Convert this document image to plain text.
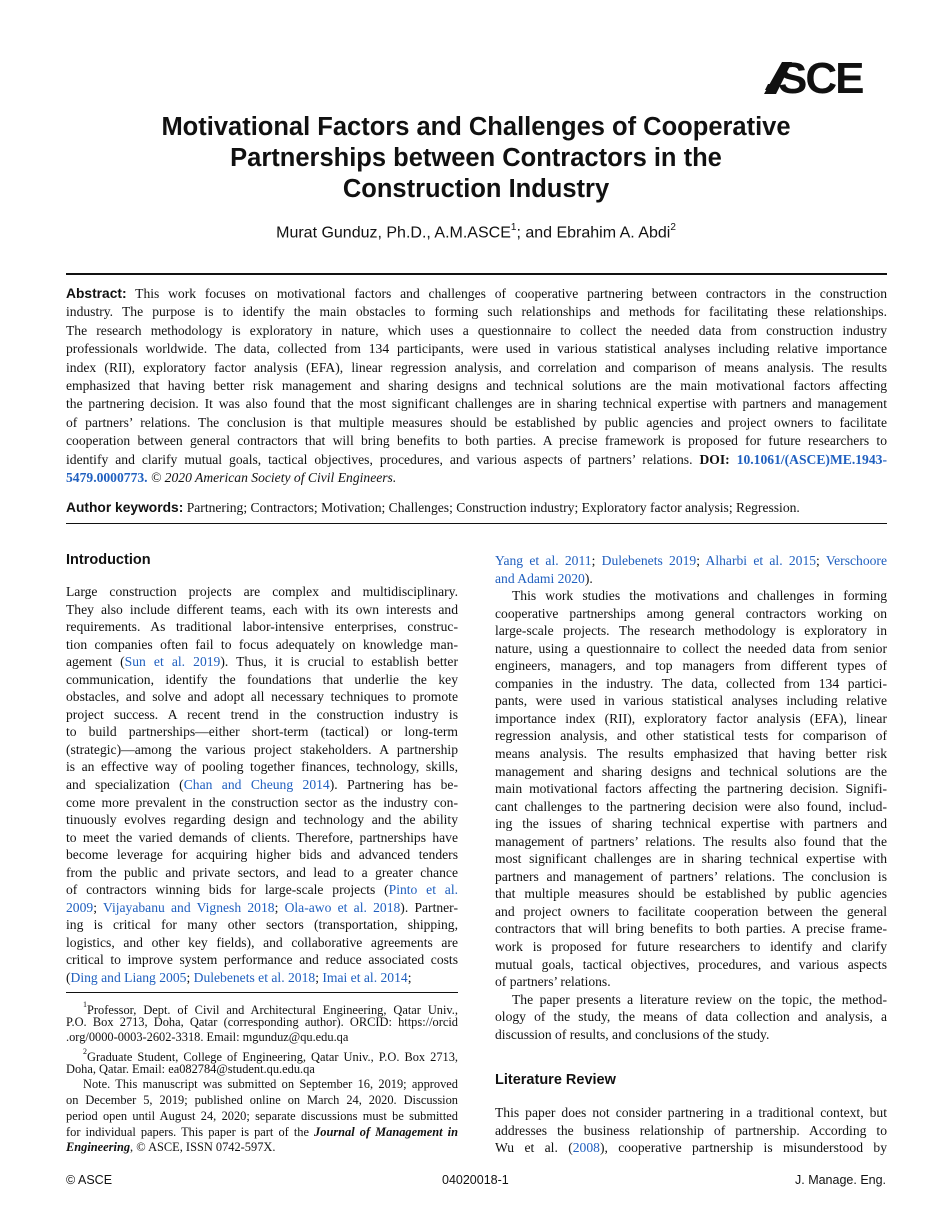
SCE
Motivational Factors and Challenges of Cooperative
Partnerships between Contractors in the
Construction Industry
Murat Gunduz, Ph.D., A.M.ASCE$^1$; and Ebrahim A. Abdi$^2$
Abstract: This work focuses on motivational factors and challenges of cooperative partnering between contractors in the construction
industry. The purpose is to identify the main obstacles to forming such relationships and methods for facilitating these relationships.
The research methodology is exploratory in nature, which uses a questionnaire to collect the needed data from construction industry
professionals worldwide. The data, collected from 134 participants, were used in various statistical analyses including relative importance
index (RII), exploratory factor analysis (EFA), linear regression analysis, and correlation and comparison of means analysis. The results
emphasized that having better risk management and sharing designs and technical solutions are the main motivational factors affecting
the partnering decision. It was also found that the most significant challenges are in sharing technical expertise with partners and management
of partners’ relations. The conclusion is that multiple measures should be established by public agencies and project owners to facilitate
cooperation between general contractors that will bring benefits to both parties. A precise framework is proposed for future researchers to
identify and clarify mutual goals, tactical objectives, procedures, and various aspects of partners’ relations. DOI: 10.1061/(ASCE)ME.1943-
5479.0000773. © 2020 American Society of Civil Engineers.
Author keywords: Partnering; Contractors; Motivation; Challenges; Construction industry; Exploratory factor analysis; Regression.
Introduction
Large construction projects are complex and multidisciplinary.
They also include different teams, each with its own interests and
requirements. As traditional labor-intensive enterprises, construc-
tion companies often fail to focus adequately on knowledge man-
agement (Sun et al. 2019). Thus, it is crucial to establish better
communication, identify the foundations that underlie the key
obstacles, and solve and adopt all necessary techniques to promote
project success. A recent trend in the construction industry is
to build partnerships—either short-term (tactical) or long-term
(strategic)—among the various project stakeholders. A partnership
is an effective way of pooling together finances, technology, skills,
and specialization (Chan and Cheung 2014). Partnering has be-
come more prevalent in the construction sector as the industry con-
tinuously evolves regarding design and technology and the ability
to meet the varied demands of clients. Therefore, partnerships have
become leverage for acquiring higher bids and advanced tenders
from the public and private sectors, and lead to a greater chance
of contractors winning bids for large-scale projects (Pinto et al.
2009; Vijayabanu and Vignesh 2018; Ola-awo et al. 2018). Partner-
ing is critical for many other sectors (transportation, shipping,
logistics, and other key fields), and collaborative agreements are
critical to improve system performance and reduce associated costs
(Ding and Liang 2005; Dulebenets et al. 2018; Imai et al. 2014;
$^1$Professor, Dept. of Civil and Architectural Engineering, Qatar Univ.,
P.O. Box 2713, Doha, Qatar (corresponding author). ORCID: https://orcid
.org/0000-0003-2602-3318. Email: mgunduz@qu.edu.qa
$^2$Graduate Student, College of Engineering, Qatar Univ., P.O. Box 2713,
Doha, Qatar. Email: ea082784@student.qu.edu.qa
Note. This manuscript was submitted on September 16, 2019; approved
on December 5, 2019; published online on March 24, 2020. Discussion
period open until August 24, 2020; separate discussions must be submitted
for individual papers. This paper is part of the Journal of Management in
Engineering, © ASCE, ISSN 0742-597X.
Yang et al. 2011; Dulebenets 2019; Alharbi et al. 2015; Verschoore
and Adami 2020).
This work studies the motivations and challenges in forming
cooperative partnerships among general contractors working on
large-scale projects. The research methodology is exploratory in
nature, using a questionnaire to collect the needed data from senior
engineers, managers, and top managers from different types of
companies in the industry. The data, collected from 134 partici-
pants, were used in various statistical analyses including relative
importance index (RII), exploratory factor analysis (EFA), linear
regression analysis, and other statistical tests for comparison of
means analysis. The results emphasized that having better risk
management and sharing designs and technical solutions are the
main motivational factors affecting the partnering decision. Signifi-
cant challenges to the partnering decision were also found, includ-
ing the issues of sharing technical expertise with partners and
management of partners’ relations. The results also found that the
most significant challenges are in sharing technical expertise with
partners and management of partners’ relations. The conclusion is
that multiple measures should be established by public agencies
and project owners to facilitate cooperation between the general
contractors that will bring benefits to both parties. A precise frame-
work is proposed for future researchers to identify and clarify
mutual goals, tactical objectives, procedures, and various aspects
of partners’ relations.
The paper presents a literature review on the topic, the method-
ology of the study, the means of data collection and analysis, a
discussion of results, and conclusions of the study.
Literature Review
This paper does not consider partnering in a traditional context, but
addresses the business relationship of partnership. According to
Wu et al. (2008), cooperative partnership is misunderstood by
© ASCE	04020018-1	J. Manage. Eng.
